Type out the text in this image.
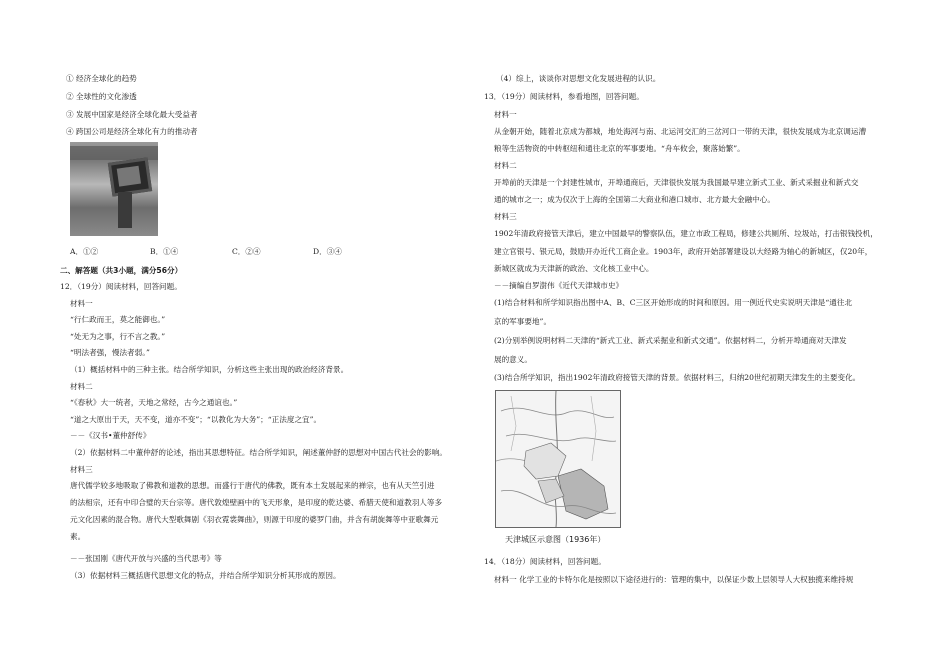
① 经济全球化的趋势
② 全球性的文化渗透
③ 发展中国家是经济全球化最大受益者
④ 跨国公司是经济全球化有力的推动者
A．①②	B．①④	C．②④	D．③④
二、解答题（共3小题，满分56分）
12．（19分）阅读材料，回答问题。
材料一
“行仁政而王，莫之能御也。”
“处无为之事，行不言之教。”
“明法者强，慢法者弱。”
（1）概括材料中的三种主张。结合所学知识，分析这些主张出现的政治经济背景。
材料二
“《春秋》大一统者，天地之常经，古今之通谊也。”
“道之大原出于天，天不变，道亦不变”；“以教化为大务”；“正法度之宜”。
－－《汉书•董仲舒传》
（2）依据材料二中董仲舒的论述，指出其思想特征。结合所学知识，阐述董仲舒的思想对中国古代社会的影响。
材料三
唐代儒学较多地吸取了佛教和道教的思想。而盛行于唐代的佛教，既有本土发展起来的禅宗，也有从天竺引进
的法相宗，还有中印合璧的天台宗等。唐代敦煌壁画中的飞天形象，是印度的乾达婆、希腊天使和道教羽人等多
元文化因素的混合物。唐代大型歌舞剧《羽衣霓裳舞曲》，则源于印度的婆罗门曲，并含有胡旋舞等中亚歌舞元
素。
－－张国刚《唐代开放与兴盛的当代思考》等
（3）依据材料三概括唐代思想文化的特点，并结合所学知识分析其形成的原因。
（4）综上，谈谈你对思想文化发展进程的认识。
13．（19分）阅读材料，参看地图，回答问题。
材料一
从金朝开始，随着北京成为都城，地处海河与南、北运河交汇的三岔河口一带的天津，很快发展成为北京调运漕
粮等生活物资的中转枢纽和通往北京的军事要地。“舟车攸会，聚落始繁”。
材料二
开埠前的天津是一个封建性城市，开埠通商后，天津很快发展为我国最早建立新式工业、新式采掘业和新式交
通的城市之一；成为仅次于上海的全国第二大商业和港口城市、北方最大金融中心。
材料三
1902年清政府接管天津后，建立中国最早的警察队伍，建立市政工程局，修建公共厕所、垃圾站，打击银钱投机，
建立官银号、银元局，鼓励开办近代工商企业。1903年，政府开始部署建设以大经路为轴心的新城区，仅20年，
新城区就成为天津新的政治、文化核工业中心。
－－摘编自罗澍伟《近代天津城市史》
(1)结合材料和所学知识指出图中A、B、C三区开始形成的时间和原因。用一例近代史实说明天津是“通往北
京的军事要地”。
(2)分别举例说明材料二天津的“新式工业、新式采掘业和新式交通”。依据材料二，分析开埠通商对天津发
展的意义。
(3)结合所学知识，指出1902年清政府接管天津的背景。依据材料三，归纳20世纪初期天津发生的主要变化。
14．（18分）阅读材料，回答问题。
材料一 化学工业的卡特尔化是按照以下途径进行的：管理的集中，以保证少数上层领导人大权独揽来维持规
天津城区示意图（1936年）
